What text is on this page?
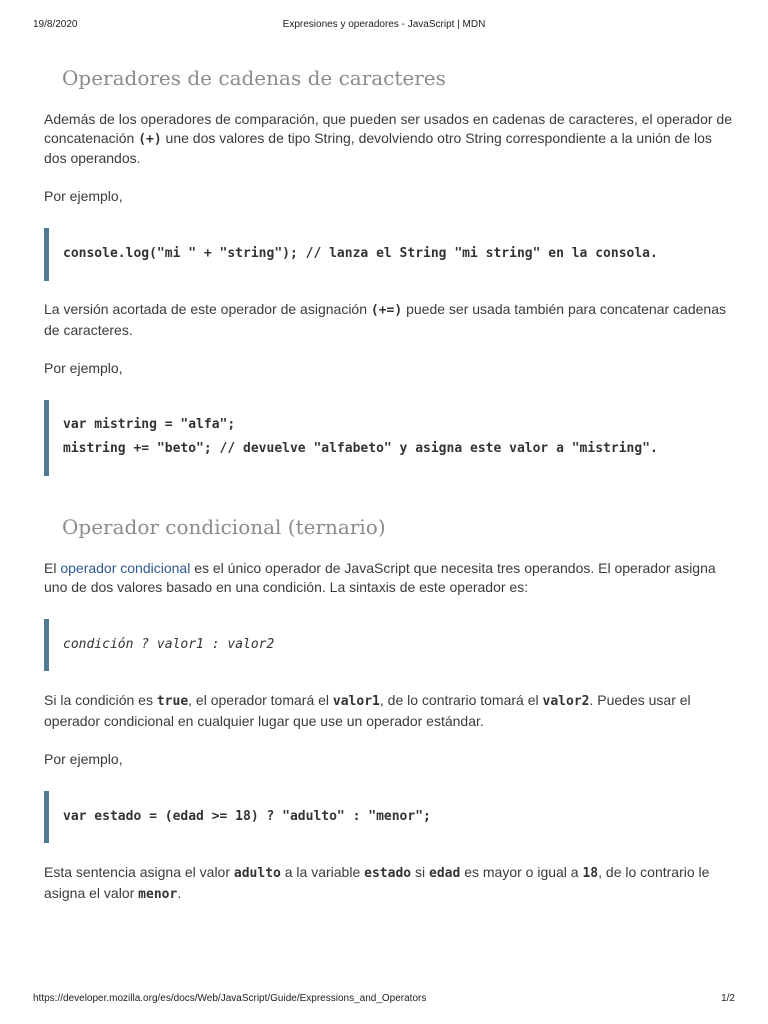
19/8/2020	Expresiones y operadores - JavaScript | MDN
Operadores de cadenas de caracteres

Además de los operadores de comparación, que pueden ser usados en cadenas de caracteres, el operador de concatenación (+) une dos valores de tipo String, devolviendo otro String correspondiente a la unión de los dos operandos.

Por ejemplo,

console.log("mi " + "string"); // lanza el String "mi string" en la consola.

La versión acortada de este operador de asignación (+=) puede ser usada también para concatenar cadenas de caracteres.

Por ejemplo,

var mistring = "alfa";
mistring += "beto"; // devuelve "alfabeto" y asigna este valor a "mistring".
Operador condicional (ternario)

El operador condicional es el único operador de JavaScript que necesita tres operandos. El operador asigna uno de dos valores basado en una condición. La sintaxis de este operador es:

condición ? valor1 : valor2

Si la condición es true, el operador tomará el valor1, de lo contrario tomará el valor2. Puedes usar el operador condicional en cualquier lugar que use un operador estándar.

Por ejemplo,

var estado = (edad >= 18) ? "adulto" : "menor";

Esta sentencia asigna el valor adulto a la variable estado si edad es mayor o igual a 18, de lo contrario le asigna el valor menor.

https://developer.mozilla.org/es/docs/Web/JavaScript/Guide/Expressions_and_Operators	1/2
